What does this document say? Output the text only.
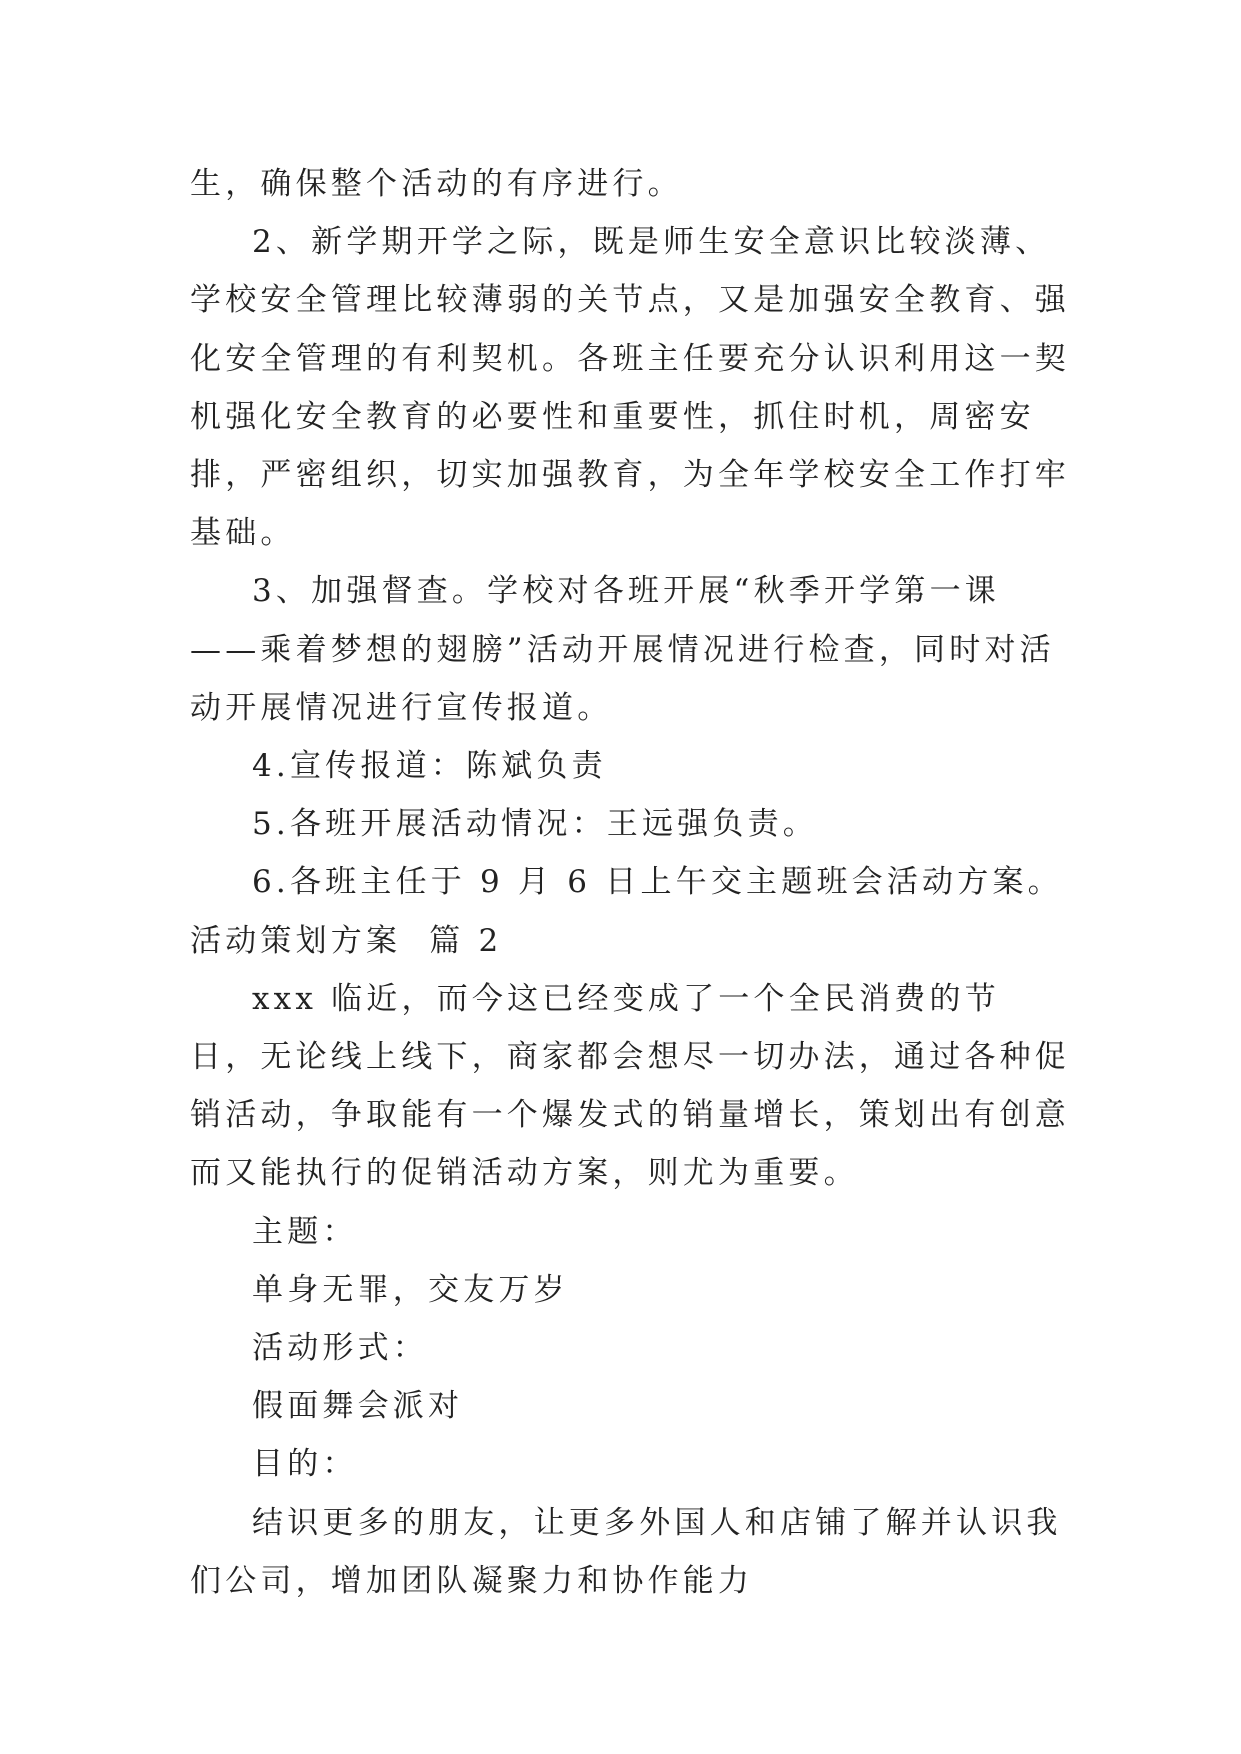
生，确保整个活动的有序进行。

2、新学期开学之际，既是师生安全意识比较淡薄、学校安全管理比较薄弱的关节点，又是加强安全教育、强化安全管理的有利契机。各班主任要充分认识利用这一契机强化安全教育的必要性和重要性，抓住时机，周密安排，严密组织，切实加强教育，为全年学校安全工作打牢基础。

3、加强督查。学校对各班开展“秋季开学第一课——乘着梦想的翅膀”活动开展情况进行检查，同时对活动开展情况进行宣传报道。

4.宣传报道：陈斌负责

5.各班开展活动情况：王远强负责。

6.各班主任于 9 月 6 日上午交主题班会活动方案。

活动策划方案  篇 2

xxx 临近，而今这已经变成了一个全民消费的节日，无论线上线下，商家都会想尽一切办法，通过各种促销活动，争取能有一个爆发式的销量增长，策划出有创意而又能执行的促销活动方案，则尤为重要。

主题：

单身无罪，交友万岁

活动形式：

假面舞会派对

目的：

结识更多的朋友，让更多外国人和店铺了解并认识我们公司，增加团队凝聚力和协作能力
